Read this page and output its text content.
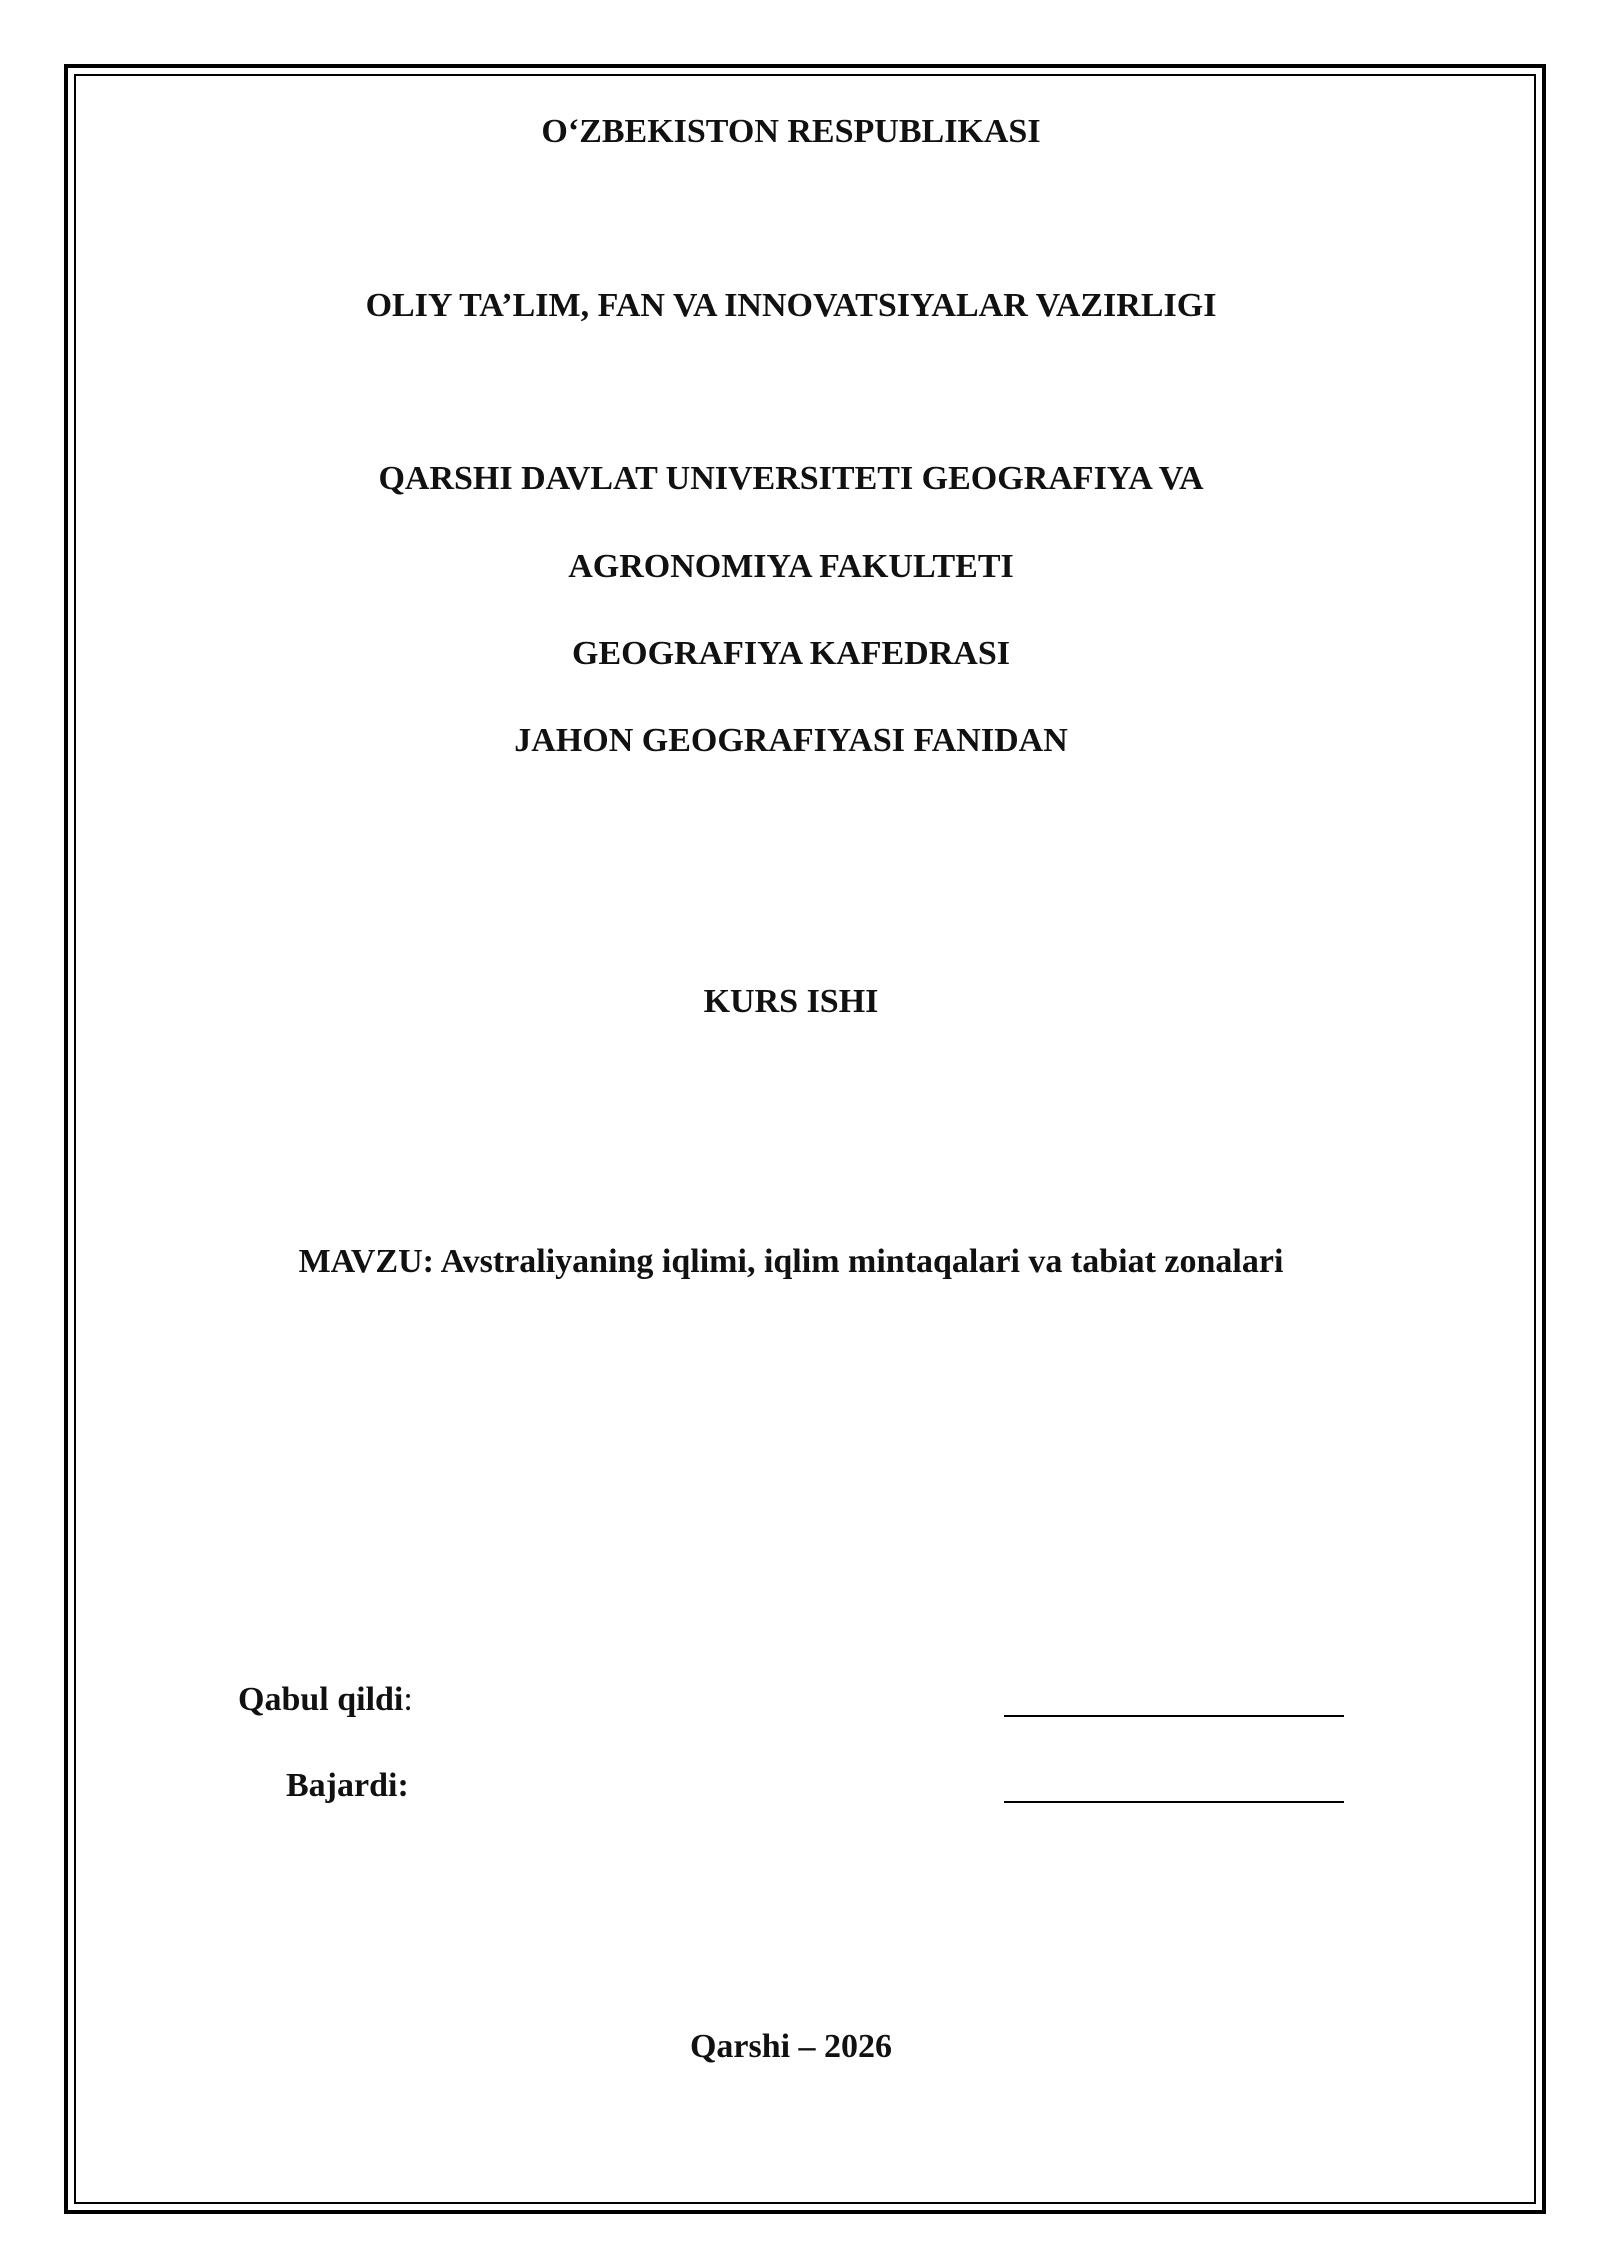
O‘ZBEKISTON RESPUBLIKASI
OLIY TA’LIM, FAN VA INNOVATSIYALAR VAZIRLIGI
QARSHI DAVLAT UNIVERSITETI GEOGRAFIYA VA
AGRONOMIYA FAKULTETI
GEOGRAFIYA KAFEDRASI
JAHON GEOGRAFIYASI FANIDAN
KURS ISHI
MAVZU: Avstraliyaning iqlimi, iqlim mintaqalari va tabiat zonalari
Qabul qildi:
Bajardi:
Qarshi – 2026
